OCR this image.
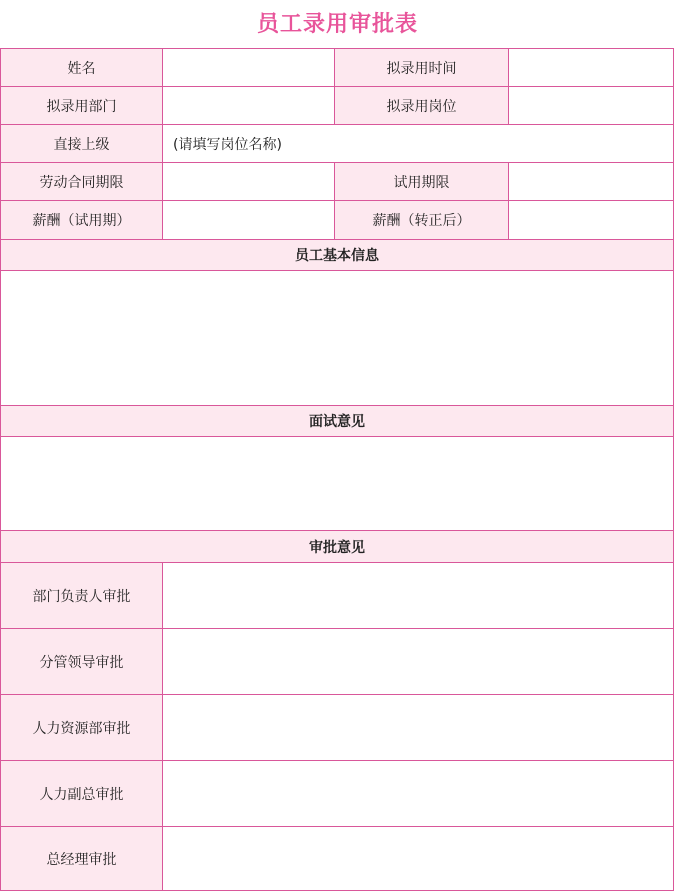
员工录用审批表
姓名	拟录用时间
拟录用部门	拟录用岗位
直接上级	(请填写岗位名称)
劳动合同期限	试用期限
薪酬（试用期）	薪酬（转正后）
员工基本信息
面试意见
审批意见
部门负责人审批
分管领导审批
人力资源部审批
人力副总审批
总经理审批
